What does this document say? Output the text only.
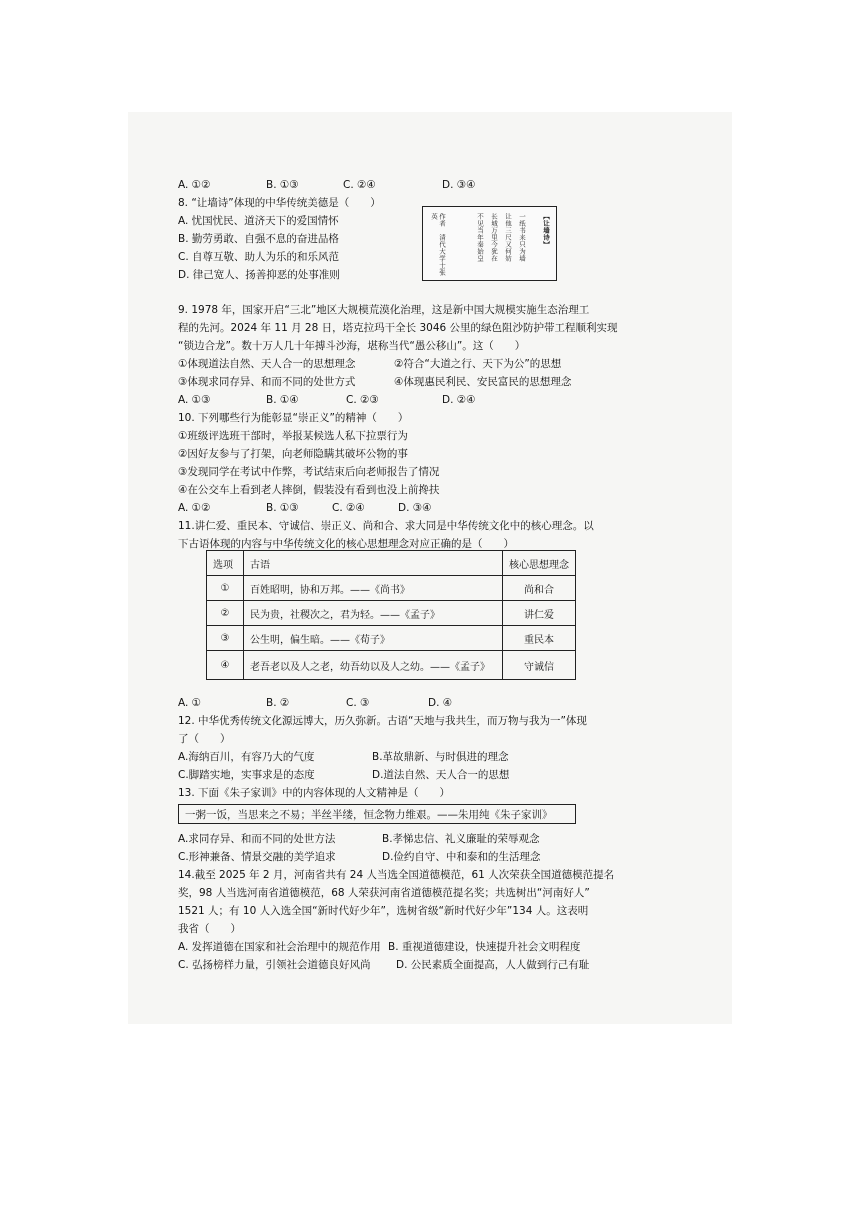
A. ①②	B. ①③	C. ②④	D. ③④
8. “让墙诗”体现的中华传统美德是（　　）
A. 忧国忧民、道济天下的爱国情怀
B. 勤劳勇敢、自强不息的奋进品格
C. 自尊互敬、助人为乐的和乐风范
D. 律己宽人、扬善抑恶的处事准则
【让墙诗】
一纸书来只为墙
让他三尺又何妨
长城万里今犹在
不见当年秦始皇
作者　清代大学士张英
9. 1978 年，国家开启“三北”地区大规模荒漠化治理，这是新中国大规模实施生态治理工
程的先河。2024 年 11 月 28 日，塔克拉玛干全长 3046 公里的绿色阻沙防护带工程顺利实现
“锁边合龙”。数十万人几十年搏斗沙海，堪称当代“愚公移山”。这（　　）
①体现道法自然、天人合一的思想理念	②符合“大道之行、天下为公”的思想
③体现求同存异、和而不同的处世方式	④体现惠民利民、安民富民的思想理念
A. ①③	B. ①④	C. ②③	D. ②④
10. 下列哪些行为能彰显“崇正义”的精神（　　）
①班级评选班干部时，举报某候选人私下拉票行为
②因好友参与了打架，向老师隐瞒其破坏公物的事
③发现同学在考试中作弊，考试结束后向老师报告了情况
④在公交车上看到老人摔倒，假装没有看到也没上前搀扶
A. ①②	B. ①③	C. ②④	D. ③④
11.讲仁爱、重民本、守诚信、崇正义、尚和合、求大同是中华传统文化中的核心理念。以
下古语体现的内容与中华传统文化的核心思想理念对应正确的是（　　）
选项	古语	核心思想理念
①	百姓昭明，协和万邦。——《尚书》	尚和合
②	民为贵，社稷次之，君为轻。——《孟子》	讲仁爱
③	公生明，偏生暗。——《荀子》	重民本
④	老吾老以及人之老，幼吾幼以及人之幼。——《孟子》	守诚信
A. ①	B. ②	C. ③	D. ④
12. 中华优秀传统文化源远博大，历久弥新。古语“天地与我共生，而万物与我为一”体现
了（　　）
A.海纳百川，有容乃大的气度	B.革故鼎新、与时俱进的理念
C.脚踏实地，实事求是的态度	D.道法自然、天人合一的思想
13. 下面《朱子家训》中的内容体现的人文精神是（　　）
一粥一饭，当思来之不易；半丝半缕，恒念物力维艰。——朱用纯《朱子家训》
A.求同存异、和而不同的处世方法	B.孝悌忠信、礼义廉耻的荣辱观念
C.形神兼备、情景交融的美学追求	D.俭约自守、中和泰和的生活理念
14.截至 2025 年 2 月，河南省共有 24 人当选全国道德模范，61 人次荣获全国道德模范提名
奖，98 人当选河南省道德模范，68 人荣获河南省道德模范提名奖；共选树出“河南好人”
1521 人；有 10 人入选全国“新时代好少年”，选树省级“新时代好少年”134 人。这表明
我省（　　）
A. 发挥道德在国家和社会治理中的规范作用 B. 重视道德建设，快速提升社会文明程度
C. 弘扬榜样力量，引领社会道德良好风尚 D. 公民素质全面提高，人人做到行己有耻
